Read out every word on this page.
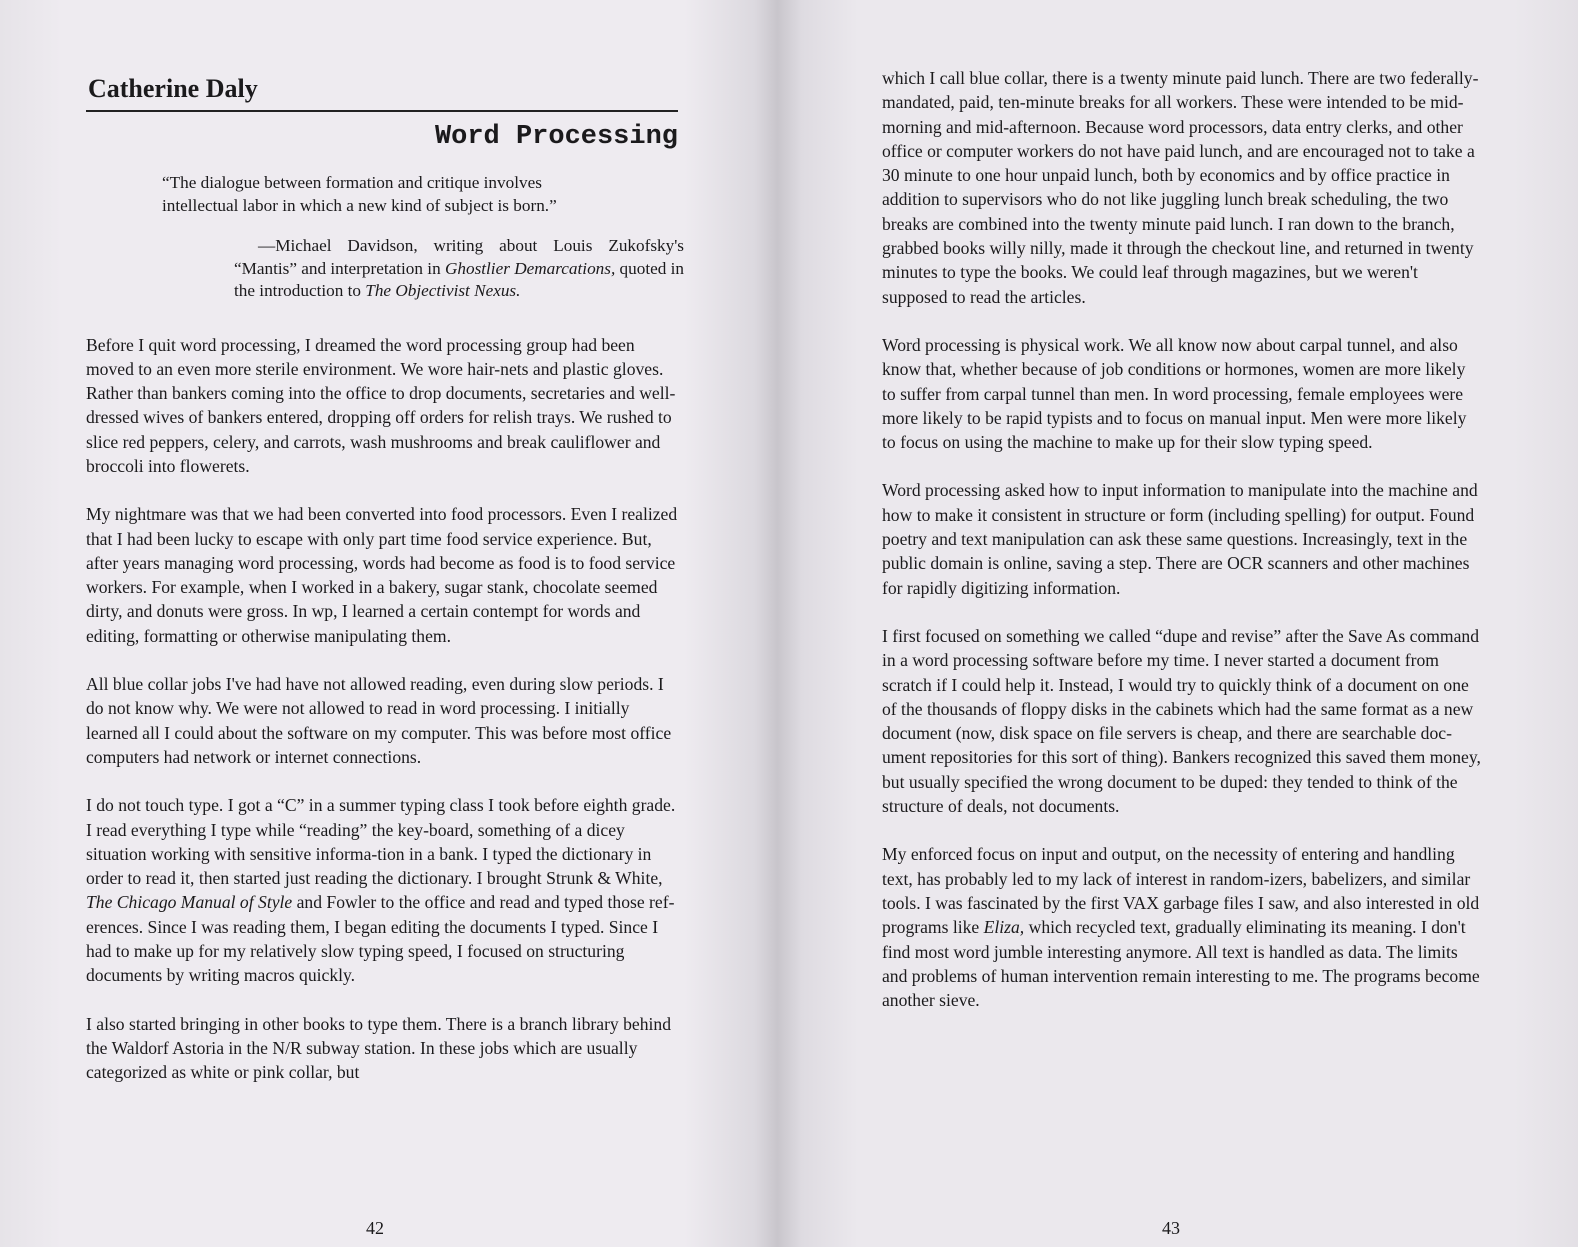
Catherine Daly
Word Processing
“The dialogue between formation and critique involves intellectual labor in which a new kind of subject is born.”
—Michael Davidson, writing about Louis Zukofsky's “Mantis” and interpretation in Ghostlier Demarcations, quoted in the introduction to The Objectivist Nexus.

Before I quit word processing, I dreamed the word processing group had been moved to an even more sterile environment. We wore hair-nets and plastic gloves. Rather than bankers coming into the office to drop documents, secretaries and well-dressed wives of bankers entered, dropping off orders for relish trays. We rushed to slice red peppers, celery, and carrots, wash mushrooms and break cauliflower and broccoli into flowerets.

My nightmare was that we had been converted into food processors. Even I realized that I had been lucky to escape with only part time food service experience. But, after years managing word processing, words had become as food is to food service workers. For example, when I worked in a bakery, sugar stank, chocolate seemed dirty, and donuts were gross. In wp, I learned a certain contempt for words and editing, formatting or otherwise manipulating them.

All blue collar jobs I've had have not allowed reading, even during slow periods. I do not know why. We were not allowed to read in word processing. I initially learned all I could about the software on my computer. This was before most office computers had network or internet connections.

I do not touch type. I got a “C” in a summer typing class I took before eighth grade. I read everything I type while “reading” the key-board, something of a dicey situation working with sensitive informa-tion in a bank. I typed the dictionary in order to read it, then started just reading the dictionary. I brought Strunk & White, The Chicago Manual of Style and Fowler to the office and read and typed those ref-erences. Since I was reading them, I began editing the documents I typed. Since I had to make up for my relatively slow typing speed, I focused on structuring documents by writing macros quickly.

I also started bringing in other books to type them. There is a branch library behind the Waldorf Astoria in the N/R subway station. In these jobs which are usually categorized as white or pink collar, but

42

which I call blue collar, there is a twenty minute paid lunch. There are two federally-mandated, paid, ten-minute breaks for all workers. These were intended to be mid-morning and mid-afternoon. Because word processors, data entry clerks, and other office or computer workers do not have paid lunch, and are encouraged not to take a 30 minute to one hour unpaid lunch, both by economics and by office practice in addition to supervisors who do not like juggling lunch break scheduling, the two breaks are combined into the twenty minute paid lunch. I ran down to the branch, grabbed books willy nilly, made it through the checkout line, and returned in twenty minutes to type the books. We could leaf through magazines, but we weren't supposed to read the articles.

Word processing is physical work. We all know now about carpal tunnel, and also know that, whether because of job conditions or hormones, women are more likely to suffer from carpal tunnel than men. In word processing, female employees were more likely to be rapid typists and to focus on manual input. Men were more likely to focus on using the machine to make up for their slow typing speed.

Word processing asked how to input information to manipulate into the machine and how to make it consistent in structure or form (including spelling) for output. Found poetry and text manipulation can ask these same questions. Increasingly, text in the public domain is online, saving a step. There are OCR scanners and other machines for rapidly digitizing information.

I first focused on something we called “dupe and revise” after the Save As command in a word processing software before my time. I never started a document from scratch if I could help it. Instead, I would try to quickly think of a document on one of the thousands of floppy disks in the cabinets which had the same format as a new document (now, disk space on file servers is cheap, and there are searchable doc-ument repositories for this sort of thing). Bankers recognized this saved them money, but usually specified the wrong document to be duped: they tended to think of the structure of deals, not documents.

My enforced focus on input and output, on the necessity of entering and handling text, has probably led to my lack of interest in random-izers, babelizers, and similar tools. I was fascinated by the first VAX garbage files I saw, and also interested in old programs like Eliza, which recycled text, gradually eliminating its meaning. I don't find most word jumble interesting anymore. All text is handled as data. The limits and problems of human intervention remain interesting to me. The programs become another sieve.

43
